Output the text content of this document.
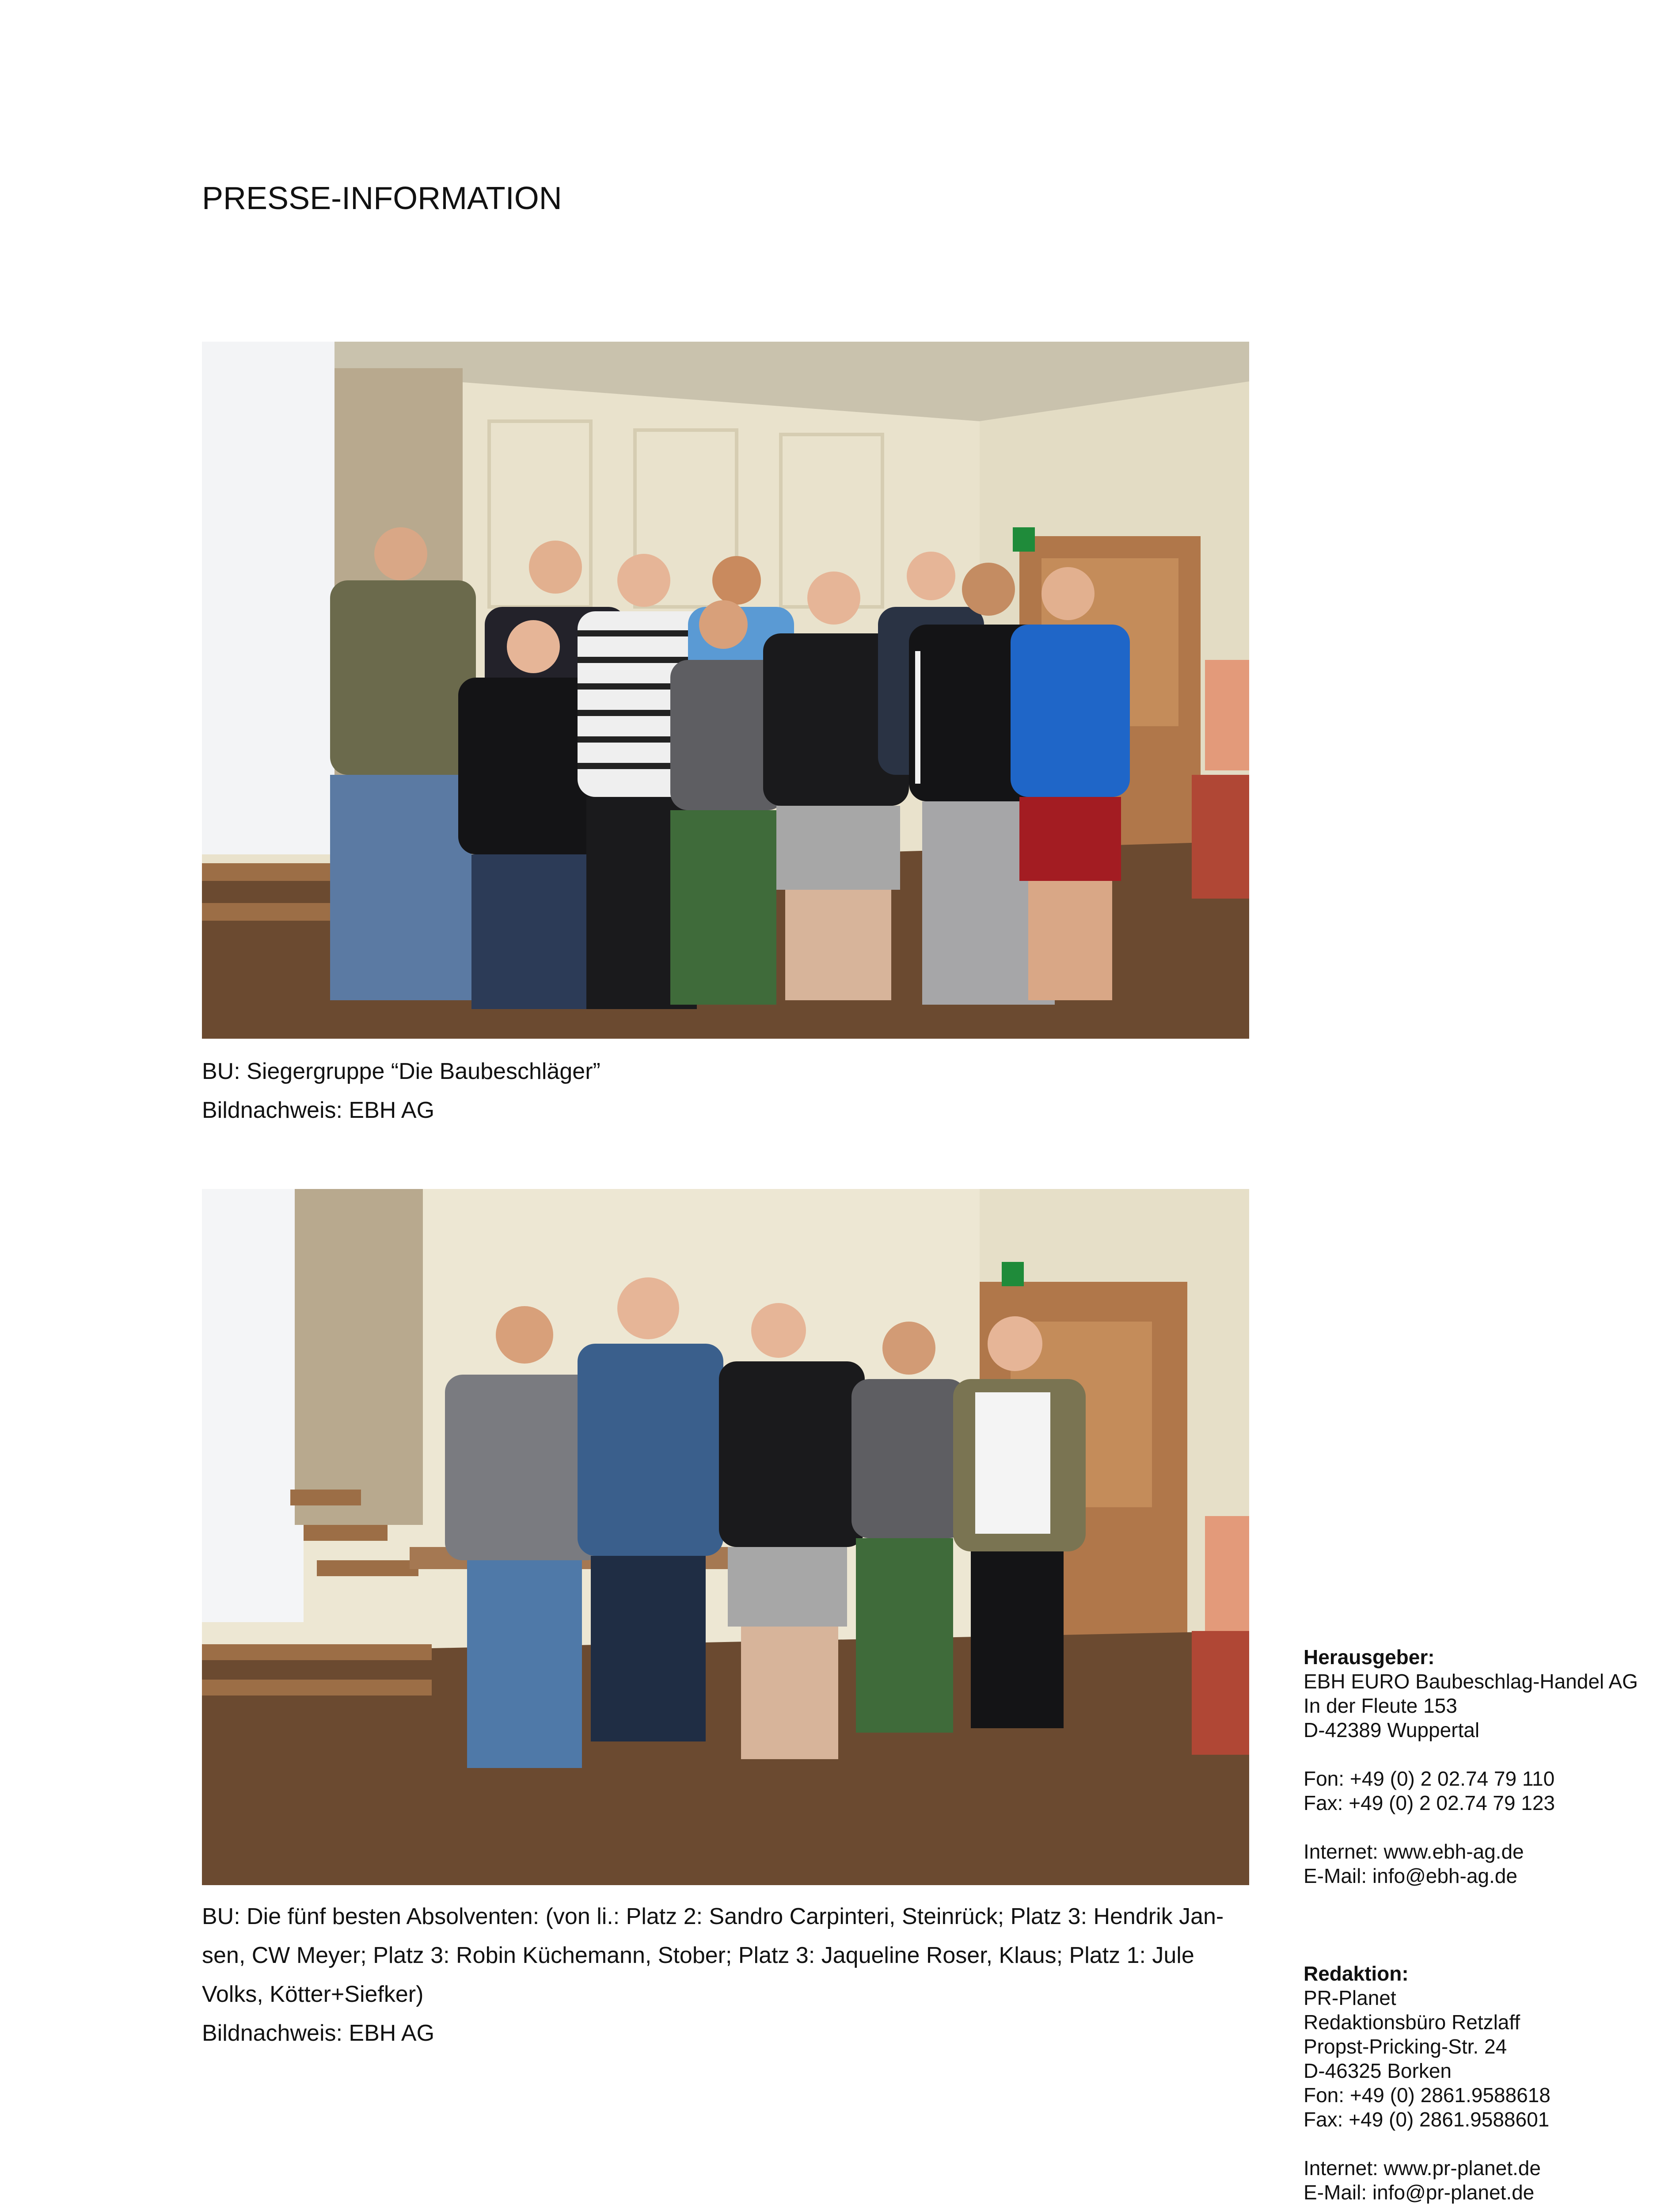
PRESSE-INFORMATION

BU: Siegergruppe “Die Baubeschläger”

Bildnachweis: EBH AG

BU: Die fünf besten Absolventen: (von li.: Platz 2: Sandro Carpinteri, Steinrück; Platz 3: Hendrik Jan-

sen, CW Meyer; Platz 3: Robin Küchemann, Stober; Platz 3: Jaqueline Roser, Klaus; Platz 1: Jule

Volks, Kötter+Siefker)

Bildnachweis: EBH AG

Herausgeber:
EBH EURO Baubeschlag-Handel AG
In der Fleute 153
D-42389 Wuppertal
Fon: +49 (0) 2 02.74 79 110
Fax: +49 (0) 2 02.74 79 123
Internet: www.ebh-ag.de
E-Mail: info@ebh-ag.de
Redaktion:
PR-Planet
Redaktionsbüro Retzlaff
Propst-Pricking-Str. 24
D-46325 Borken
Fon: +49 (0) 2861.9588618
Fax: +49 (0) 2861.9588601
Internet: www.pr-planet.de
E-Mail: info@pr-planet.de
